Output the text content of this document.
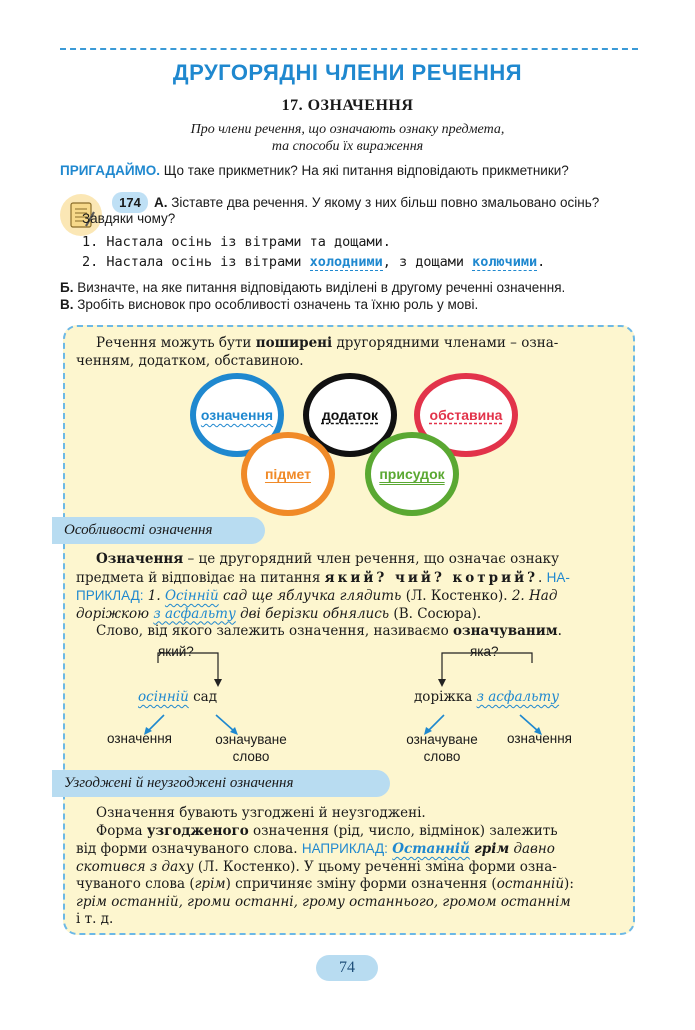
ДРУГОРЯДНІ ЧЛЕНИ РЕЧЕННЯ
17. ОЗНАЧЕННЯ
Про члени речення, що означають ознаку предмета,
та способи їх вираження
ПРИГАДАЙМО. Що таке прикметник? На які питання відповідають прикметники?
174 А. Зіставте два речення. У якому з них більш повно змальовано осінь?
Завдяки чому?
1. Настала осінь із вітрами та дощами.
2. Настала осінь із вітрами холодними, з дощами колючими.
Б. Визначте, на яке питання відповідають виділені в другому реченні означення.
В. Зробіть висновок про особливості означень та їхню роль у мові.
Речення можуть бути поширені другорядними членами – озна-
ченням, додатком, обставиною.
означення	додаток	обставина
підмет	присудок
Особливості означення
Означення – це другорядний член речення, що означає ознаку
предмета й відповідає на питання який? чий? котрий?. НА-
ПРИКЛАД: 1. Осінній сад ще яблучка глядить (Л. Костенко). 2. Над
доріжкою з асфальту дві берізки обнялись (В. Сосюра).
Слово, від якого залежить означення, називаємо означуваним.
який?
осінній сад
означення	означуване
слово
яка?
доріжка з асфальту
означуване
слово
означення
Узгоджені й неузгоджені означення
Означення бувають узгоджені й неузгоджені.
Форма узгодженого означення (рід, число, відмінок) залежить
від форми означуваного слова. НАПРИКЛАД: Останній грім давно
скотився з даху (Л. Костенко). У цьому реченні зміна форми озна-
чуваного слова (грім) спричиняє зміну форми означення (останній):
грім останній, громи останні, грому останнього, громом останнім
і т. д.
74
